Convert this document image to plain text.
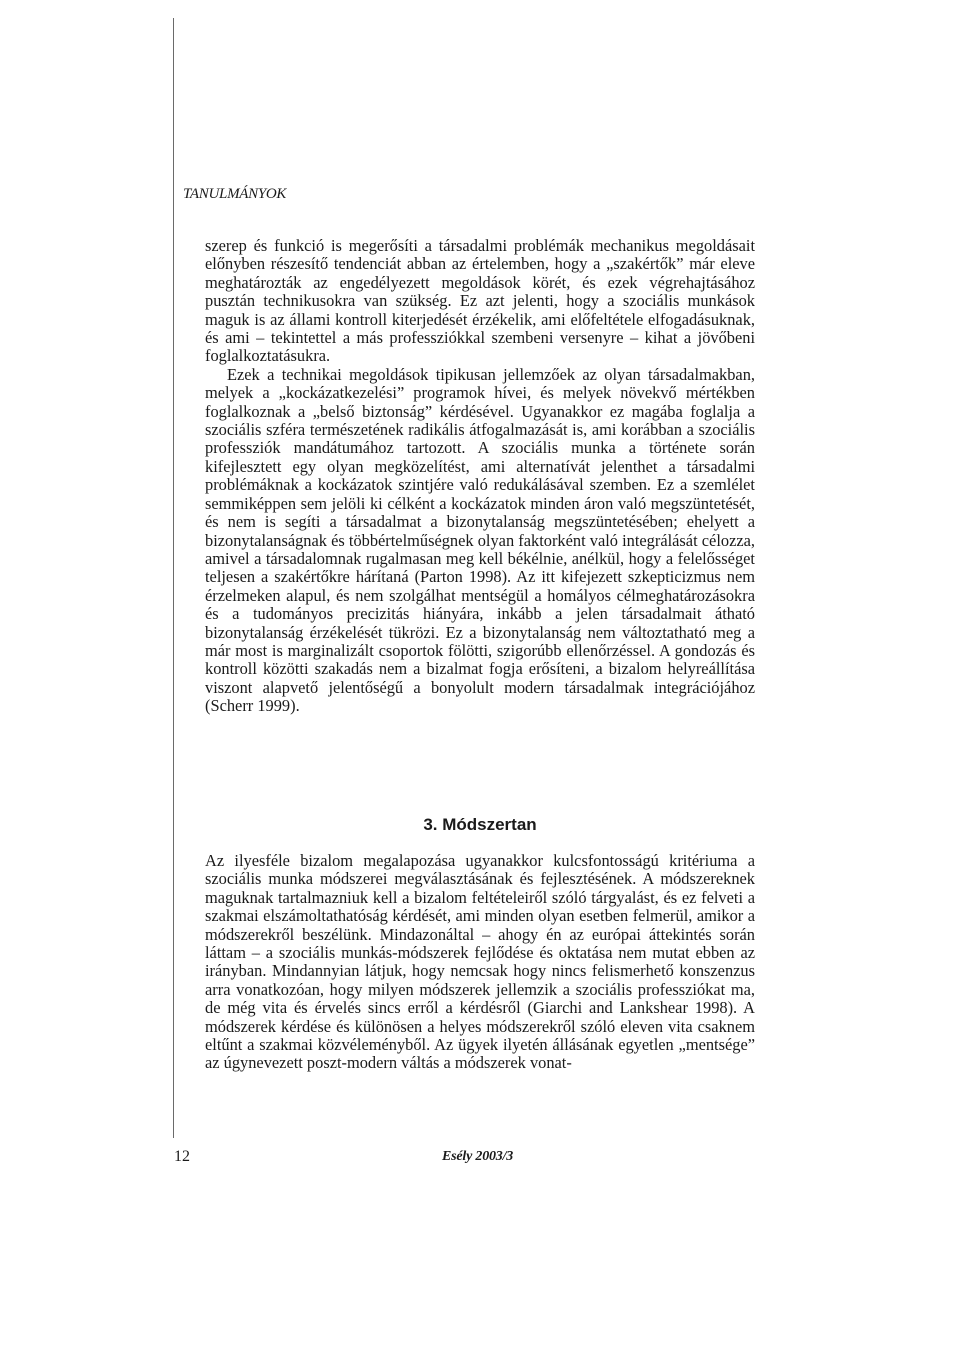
TANULMÁNYOK

szerep és funkció is megerősíti a társadalmi problémák mechanikus megoldásait előnyben részesítő tendenciát abban az értelemben, hogy a „szakértők” már eleve meghatározták az engedélyezett megoldások körét, és ezek végrehajtásához pusztán technikusokra van szükség. Ez azt jelenti, hogy a szociális munkások maguk is az állami kontroll kiterjedését érzékelik, ami előfeltétele elfogadásuknak, és ami – tekintettel a más professziókkal szembeni versenyre – kihat a jövőbeni foglalkoztatásukra.

Ezek a technikai megoldások tipikusan jellemzőek az olyan társadalmakban, melyek a „kockázatkezelési” programok hívei, és melyek növekvő mértékben foglalkoznak a „belső biztonság” kérdésével. Ugyanakkor ez magába foglalja a szociális szféra természetének radikális átfogalmazását is, ami korábban a szociális professziók mandátumához tartozott. A szociális munka a története során kifejlesztett egy olyan megközelítést, ami alternatívát jelenthet a társadalmi problémáknak a kockázatok szintjére való redukálásával szemben. Ez a szemlélet semmiképpen sem jelöli ki célként a kockázatok minden áron való megszüntetését, és nem is segíti a társadalmat a bizonytalanság megszüntetésében; ehelyett a bizonytalanságnak és többértelműségnek olyan faktorként való integrálását célozza, amivel a társadalomnak rugalmasan meg kell békélnie, anélkül, hogy a felelősséget teljesen a szakértőkre hárítaná (Parton 1998). Az itt kifejezett szkepticizmus nem érzelmeken alapul, és nem szolgálhat mentségül a homályos célmeghatározásokra és a tudományos precizitás hiányára, inkább a jelen társadalmait átható bizonytalanság érzékelését tükrözi. Ez a bizonytalanság nem változtatható meg a már most is marginalizált csoportok fölötti, szigorúbb ellenőrzéssel. A gondozás és kontroll közötti szakadás nem a bizalmat fogja erősíteni, a bizalom helyreállítása viszont alapvető jelentőségű a bonyolult modern társadalmak integrációjához (Scherr 1999).

3. Módszertan

Az ilyesféle bizalom megalapozása ugyanakkor kulcsfontosságú kritériuma a szociális munka módszerei megválasztásának és fejlesztésének. A módszereknek maguknak tartalmazniuk kell a bizalom feltételeiről szóló tárgyalást, és ez felveti a szakmai elszámoltathatóság kérdését, ami minden olyan esetben felmerül, amikor a módszerekről beszélünk. Mindazonáltal – ahogy én az európai áttekintés során láttam – a szociális munkás-módszerek fejlődése és oktatása nem mutat ebben az irányban. Mindannyian látjuk, hogy nemcsak hogy nincs felismerhető konszenzus arra vonatkozóan, hogy milyen módszerek jellemzik a szociális professziókat ma, de még vita és érvelés sincs erről a kérdésről (Giarchi and Lankshear 1998). A módszerek kérdése és különösen a helyes módszerekről szóló eleven vita csaknem eltűnt a szakmai közvéleményből. Az ügyek ilyetén állásának egyetlen „mentsége” az úgynevezett poszt-modern váltás a módszerek vonat-

12	Esély 2003/3
